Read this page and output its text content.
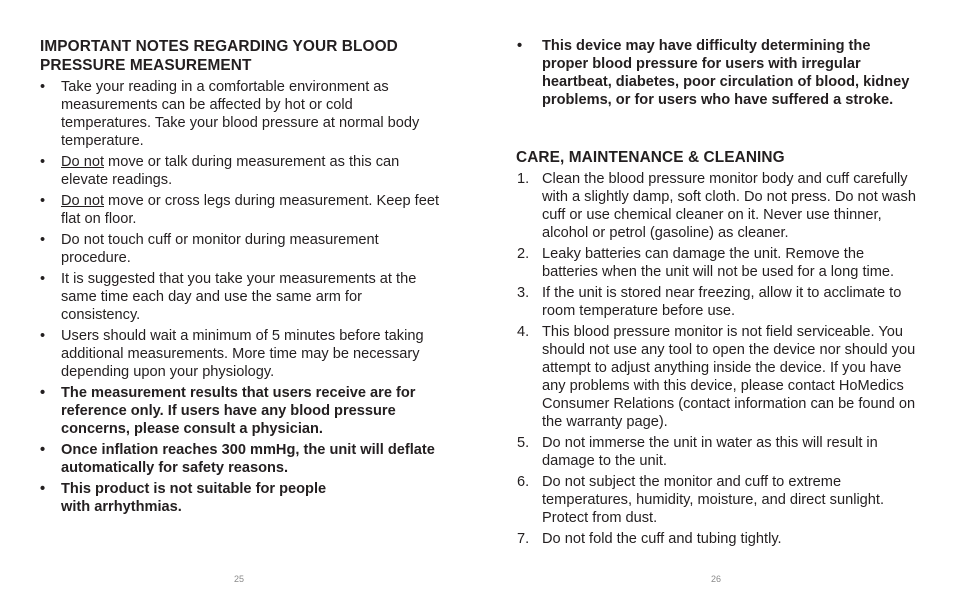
IMPORTANT NOTES REGARDING YOUR BLOOD PRESSURE MEASUREMENT
• Take your reading in a comfortable environment as measurements can be affected by hot or cold temperatures. Take your blood pressure at normal body temperature.
• Do not move or talk during measurement as this can elevate readings.
• Do not move or cross legs during measurement. Keep feet flat on floor.
• Do not touch cuff or monitor during measurement procedure.
• It is suggested that you take your measurements at the same time each day and use the same arm for consistency.
• Users should wait a minimum of 5 minutes before taking additional measurements. More time may be necessary depending upon your physiology.
• The measurement results that users receive are for reference only. If users have any blood pressure concerns, please consult a physician.
• Once inflation reaches 300 mmHg, the unit will deflate automatically for safety reasons.
• This product is not suitable for people with arrhythmias.
25
• This device may have difficulty determining the proper blood pressure for users with irregular heartbeat, diabetes, poor circulation of blood, kidney problems, or for users who have suffered a stroke.
CARE, MAINTENANCE & CLEANING
1. Clean the blood pressure monitor body and cuff carefully with a slightly damp, soft cloth. Do not press. Do not wash cuff or use chemical cleaner on it. Never use thinner, alcohol or petrol (gasoline) as cleaner.
2. Leaky batteries can damage the unit. Remove the batteries when the unit will not be used for a long time.
3. If the unit is stored near freezing, allow it to acclimate to room temperature before use.
4. This blood pressure monitor is not field serviceable. You should not use any tool to open the device nor should you attempt to adjust anything inside the device. If you have any problems with this device, please contact HoMedics Consumer Relations (contact information can be found on the warranty page).
5. Do not immerse the unit in water as this will result in damage to the unit.
6. Do not subject the monitor and cuff to extreme temperatures, humidity, moisture, and direct sunlight. Protect from dust.
7. Do not fold the cuff and tubing tightly.
26
